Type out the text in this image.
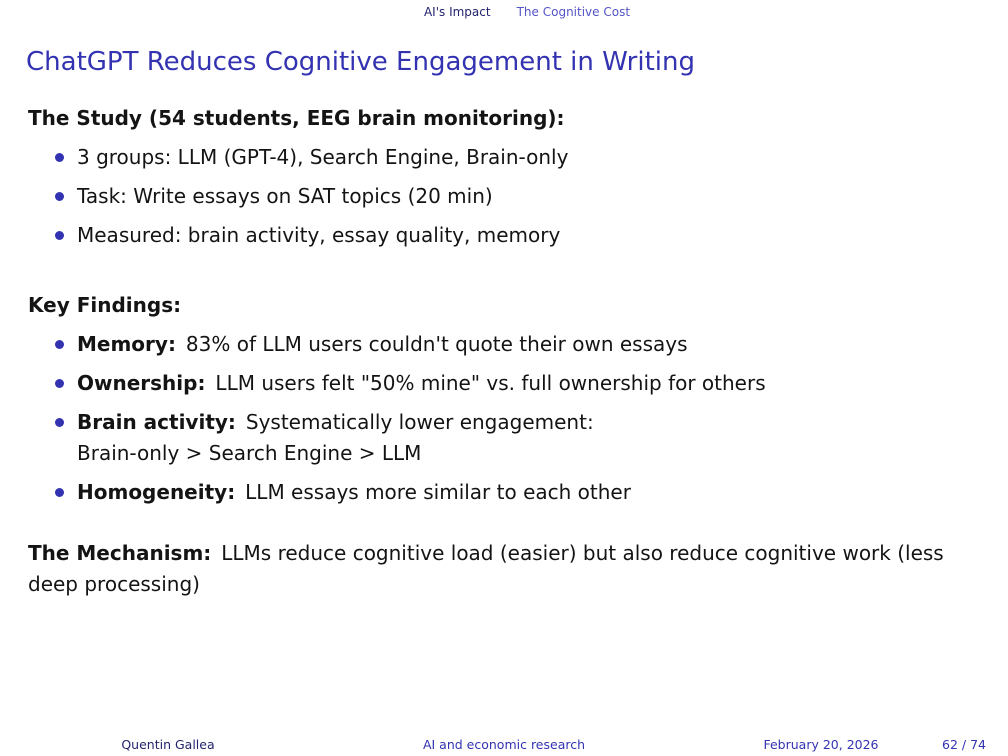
AI's Impact The Cognitive Cost
ChatGPT Reduces Cognitive Engagement in Writing
The Study (54 students, EEG brain monitoring):
3 groups: LLM (GPT-4), Search Engine, Brain-only
Task: Write essays on SAT topics (20 min)
Measured: brain activity, essay quality, memory
Key Findings:
Memory: 83% of LLM users couldn't quote their own essays
Ownership: LLM users felt "50% mine" vs. full ownership for others
Brain activity: Systematically lower engagement:
Brain-only > Search Engine > LLM
Homogeneity: LLM essays more similar to each other

The Mechanism: LLMs reduce cognitive load (easier) but also reduce cognitive work (less deep processing)

Quentin Gallea	AI and economic research	February 20, 2026	62 / 74
